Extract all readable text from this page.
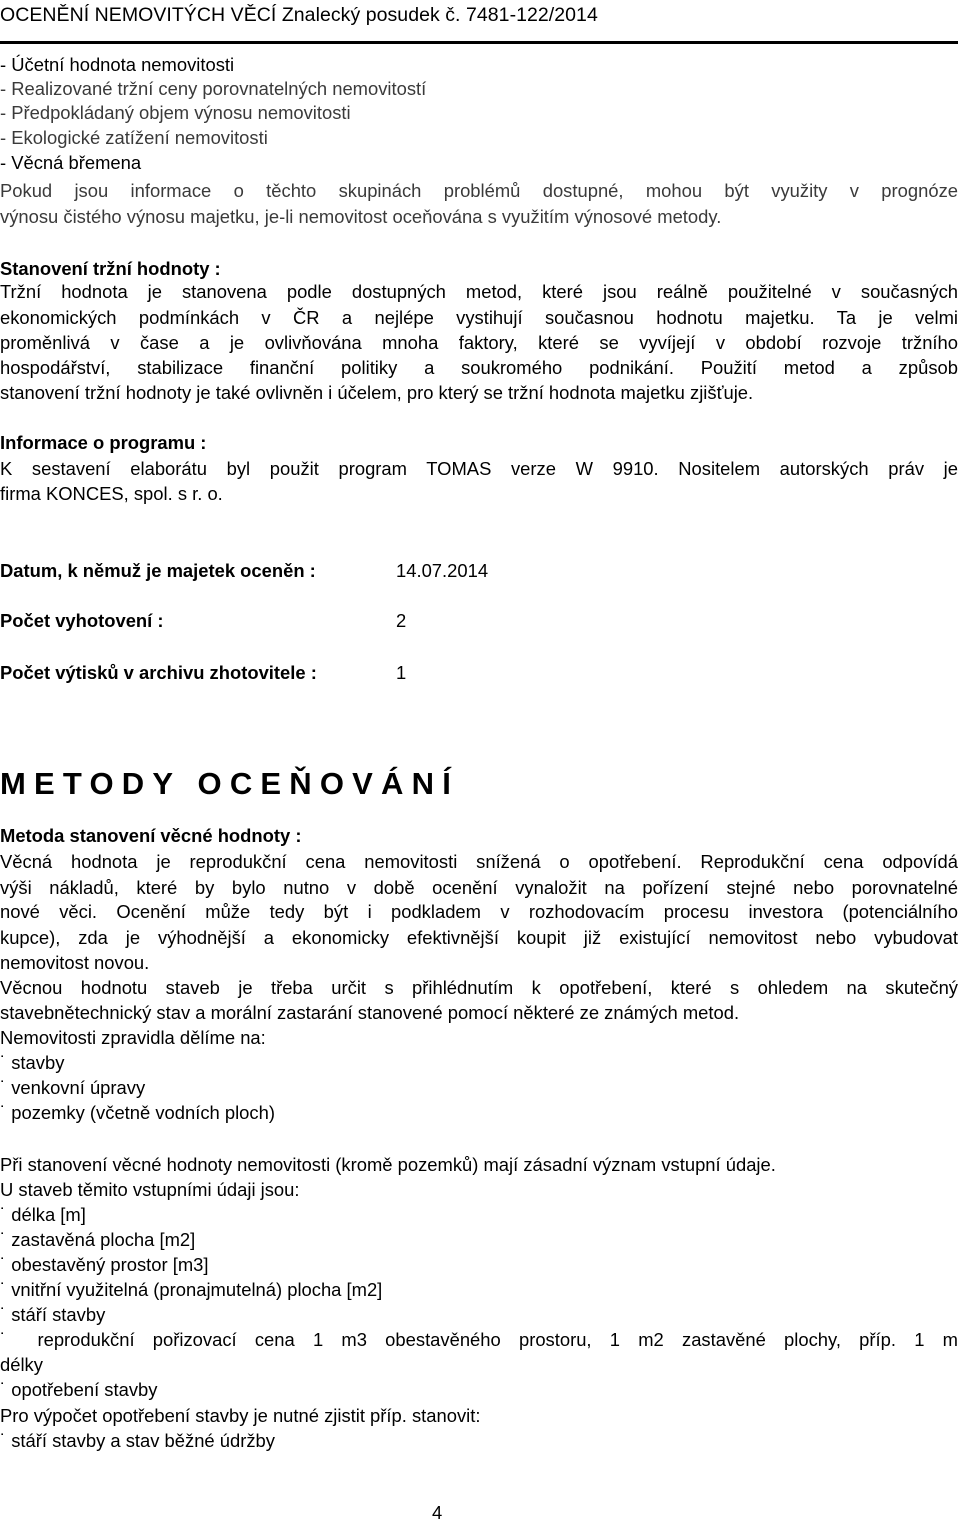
OCENĚNÍ NEMOVITÝCH VĚCÍ Znalecký posudek č. 7481-122/2014
- Účetní hodnota nemovitosti
- Realizované tržní ceny porovnatelných nemovitostí
- Předpokládaný objem výnosu nemovitosti
- Ekologické zatížení nemovitosti
- Věcná břemena
Pokud jsou informace o těchto skupinách problémů dostupné, mohou být využity v prognóze
výnosu čistého výnosu majetku, je-li nemovitost oceňována s využitím výnosové metody.
Stanovení tržní hodnoty :
Tržní hodnota je stanovena podle dostupných metod, které jsou reálně použitelné v současných
ekonomických podmínkách v ČR a nejlépe vystihují současnou hodnotu majetku. Ta je velmi
proměnlivá v čase a je ovlivňována mnoha faktory, které se vyvíjejí v období rozvoje tržního
hospodářství, stabilizace finanční politiky a soukromého podnikání. Použití metod a způsob
stanovení tržní hodnoty je také ovlivněn i účelem, pro který se tržní hodnota majetku zjišťuje.
Informace o programu :
K sestavení elaborátu byl použit program TOMAS verze W 9910. Nositelem autorských práv je
firma KONCES, spol. s r. o.
Datum, k němuž je majetek oceněn :	14.07.2014
Počet vyhotovení :	2
Počet výtisků v archivu zhotovitele :	1
METODY OCEŇOVÁNÍ
Metoda stanovení věcné hodnoty :
Věcná hodnota je reprodukční cena nemovitosti snížená o opotřebení. Reprodukční cena odpovídá
výši nákladů, které by bylo nutno v době ocenění vynaložit na pořízení stejné nebo porovnatelné
nové věci. Ocenění může tedy být i podkladem v rozhodovacím procesu investora (potenciálního
kupce), zda je výhodnější a ekonomicky efektivnější koupit již existující nemovitost nebo vybudovat
nemovitost novou.
Věcnou hodnotu staveb je třeba určit s přihlédnutím k opotřebení, které s ohledem na skutečný
stavebnětechnický stav a morální zastarání stanovené pomocí některé ze známých metod.
Nemovitosti zpravidla dělíme na:
˙ stavby
˙ venkovní úpravy
˙ pozemky (včetně vodních ploch)
Při stanovení věcné hodnoty nemovitosti (kromě pozemků) mají zásadní význam vstupní údaje.
U staveb těmito vstupními údaji jsou:
˙ délka [m]
˙ zastavěná plocha [m2]
˙ obestavěný prostor [m3]
˙ vnitřní využitelná (pronajmutelná) plocha [m2]
˙ stáří stavby
˙ reprodukční pořizovací cena 1 m3 obestavěného prostoru, 1 m2 zastavěné plochy, příp. 1 m
délky
˙ opotřebení stavby
Pro výpočet opotřebení stavby je nutné zjistit příp. stanovit:
˙ stáří stavby a stav běžné údržby
4
